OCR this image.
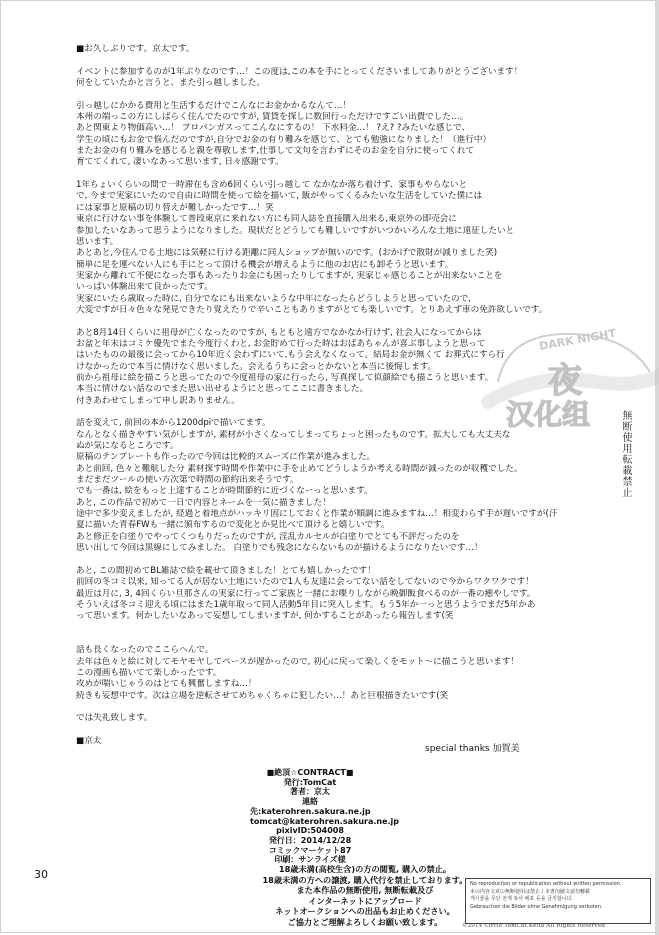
■お久しぶりです。京太です。
イベントに参加するのが1年ぶりなのです…！この度は,この本を手にとってくださいましてありがとうございます！
何をしていたかと言うと、また引っ越しました。
引っ越しにかかる費用と生活するだけでこんなにお金かかるなんて…！
本州の端っこの方にしばらく住んでたのですが, 賃貸を探しに数回行っただけですごい出費でした…。
あと関東より物価高い…！ プロパンガスってこんなにするの！ 下水料金…！ ?え? ?みたいな感じで、
学生の頃にもお金で悩んだのですが,自分でお金の有り難みを感じて、とても勉強になりました！（進行中）
またお金の有り難みを感じると親を尊敬します,仕事して文句を言わずにそのお金を自分に使ってくれて
育ててくれて, 凄いなあって思います, 日々感謝です。
1年ちょいくらいの間で一時滞在も含め6回くらい引っ越して なかなか落ち着けず、家事もやらないと
で, 今まで実家にいたので自由に時間を使って絵を描いて, 飯がやってくるみたいな生活をしていた僕には
には家事と原稿の切り替えが難しかったです…！笑
東京に行けない事を体験して普段東京に来れない方にも同人誌を直接購入出来る,東京外の即売会に
参加したいなあって思うようになりました。現状だとどうしても難しいですがいつかいろんな土地に遠征したいと
思います。
あとあと,今住んでる土地には気軽に行ける距離に同人ショップが無いのです。(おかげで散財が減りました笑)
簡単に足を運べない人にも手にとって頂ける機会が増えるように他のお店にも卸そうと思います。
実家から離れて不便になった事もあったりお金にも困ったりしてますが, 実家じゃ感じることが出来ないことを
いっぱい体験出来て良かったです。
実家にいたら歳取った時に, 自分でなにも出来ないような中年になったらどうしようと思っていたので,
大変ですが日々色々な発見できたり覚えたりで辛いこともありますがとても楽しいです。とりあえず車の免許欲しいです。
あと8月14日くらいに祖母が亡くなったのですが, もともと遠方でなかなか行けず, 社会人になってからは
お盆と年末はコミケ優先でまた今度行くわと, お金貯めて行った時はおばあちゃんが喜ぶ事しようと思って
はいたものの最後に会ってから10年近く会わずにいて,もう会えなくなって。結局お金が無くて お葬式にすら行
けなかったので本当に情けなく思いました。会えるうちに会っとかないと本当に後悔します。
前から祖母に絵を描こうと思ってたので今度祖母の家に行ったら, 写真探して似顔絵でも描こうと思います。
本当に情けない話なのでまた思い出せるようにと思ってここに書きました。
付きあわせてしまって申し訳ありません。
話を変えて, 前回の本から1200dpiで描いてます。
なんとなく描きやすい気がしますが, 素材が小さくなってしまってちょっと困ったものです。拡大しても大丈夫な
ぬが気になるところです。
原稿のテンプレートも作ったので今回は比較的スムーズに作業が進みました。
あと前回, 色々と難航した分 素材探す時間や作業中に手を止めてどうしようか考える時間が減ったのが収穫でした。
まだまだツールの使い方次第で時間の節約出来そうです。
でも一番は, 絵をもっと上達することが時間節約に近づくなーっと思います。
あと, この作品で初めて一日で内容とネームを一気に描きました！
途中で多少変えましたが, 経過と着地点がハッキリ固にしておくと作業が順調に進みますね…！相変わらず手が遅いですが(汗
夏に描いた青春FWも一緒に頒布するので変化とか見比べて頂けると嬉しいです。
あと修正を白塗りでやってくつもりだったのですが, 淫乱カルセルが白塗りでとても不評だったのを
思い出して今回は黒線にしてみました。 白塗りでも残念にならないものが描けるようになりたいです…！
あと, この間初めてBL雑誌で絵を載せて頂きました！とても嬉しかったです！
前回の冬コミ以来, 知ってる人が居ない土地にいたので1人も友達に会ってない話をしてないので今からワクワクです！
最近は月に, 3, 4回くらい旦那さんの実家に行ってご家族と一緒にお喋りしながら晩御飯食べるのが一番の癒やしです。
そういえば冬コミ迎える頃にはまた1歳年取って同人活動5年目に突入します。もう5年か一っと思うようでまだ5年かあ
って思います。何かしたいなあって妄想してしまいますが, 何かすることがあったら報告します(笑
話も長くなったのでここらへんで。
去年は色々と絵に対してモヤモヤしてペースが遅かったので, 初心に戻って楽しくをモット〜に描こうと思います！
この漫画も描いてて楽しかったです。
攻めが喘いじゃうのはとても興奮しますね…！
続きも妄想中です。次は立場を逆転させてめちゃくちゃに犯したい…！あと巨根描きたいです(笑
では失礼致します。
■京太
DARK NIGHT
夜
汉化组	無断使用転載禁止
special thanks 加賀美
■絶頂☆CONTRACT■
発行:TomCat
著者：京太
連絡先:katerohren.sakura.ne.jp
tomcat@katerohren.sakura.ne.jp
pixivID:504008
発行日：2014/12/28
コミックマーケット87
印刷：サンライズ様
30	18歳未満(高校生含)の方の閲覧, 購入の禁止。
18歳未満の方への譲渡, 購入代行を禁止しております。
また本作品の無断使用, 無断転載及び
インターネットにアップロード
ネットオークションへの出品もお止めください。
ご協力とご理解よろしくお願い致します。
No reproduction or republication without written permission.
本の内容文章の無断使用は禁止 / 本書內圖文請勿轉載
게시물을 무단 전재 복사 배포 등을 금지합니다.
Gebrauchen die Bilder ohne Genehmigung verboten.
©2014 Circle TomCat.Keita All Rights Reserved
